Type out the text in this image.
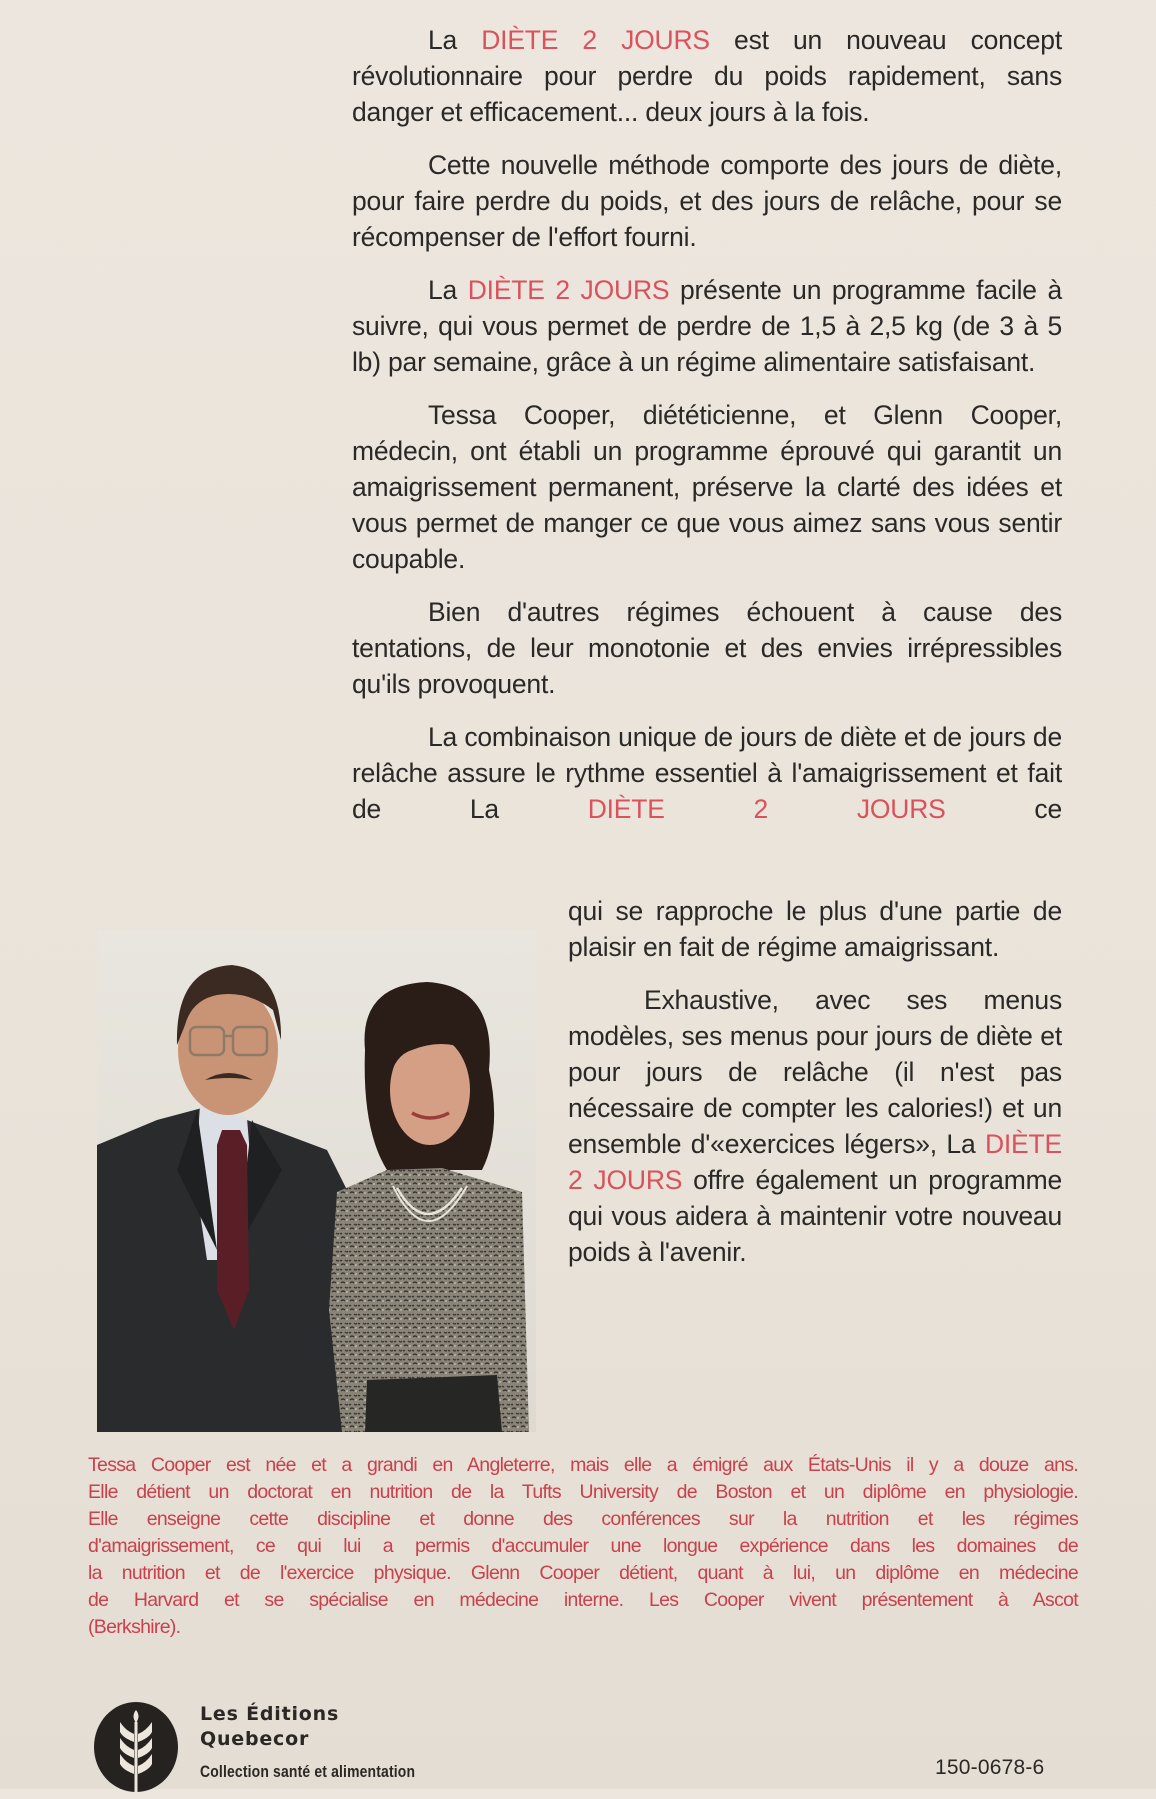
La DIÈTE 2 JOURS est un nouveau concept révolutionnaire pour perdre du poids rapidement, sans danger et efficacement... deux jours à la fois.

Cette nouvelle méthode comporte des jours de diète, pour faire perdre du poids, et des jours de relâche, pour se récompenser de l'effort fourni.

La DIÈTE 2 JOURS présente un programme facile à suivre, qui vous permet de perdre de 1,5 à 2,5 kg (de 3 à 5 lb) par semaine, grâce à un régime alimentaire satisfaisant.

Tessa Cooper, diététicienne, et Glenn Cooper, médecin, ont établi un programme éprouvé qui garantit un amaigrissement permanent, préserve la clarté des idées et vous permet de manger ce que vous aimez sans vous sentir coupable.

Bien d'autres régimes échouent à cause des tentations, de leur monotonie et des envies irrépressibles qu'ils provoquent.

La combinaison unique de jours de diète et de jours de relâche assure le rythme essentiel à l'amaigrissement et fait de La DIÈTE 2 JOURS ce

qui se rapproche le plus d'une partie de plaisir en fait de régime amaigrissant.

Exhaustive, avec ses menus modèles, ses menus pour jours de diète et pour jours de relâche (il n'est pas nécessaire de compter les calories!) et un ensemble d'«exercices légers», La DIÈTE 2 JOURS offre également un programme qui vous aidera à maintenir votre nouveau poids à l'avenir.

Tessa Cooper est née et a grandi en Angleterre, mais elle a émigré aux États-Unis il y a douze ans.
Elle détient un doctorat en nutrition de la Tufts University de Boston et un diplôme en physiologie.
Elle enseigne cette discipline et donne des conférences sur la nutrition et les régimes
d'amaigrissement, ce qui lui a permis d'accumuler une longue expérience dans les domaines de
la nutrition et de l'exercice physique. Glenn Cooper détient, quant à lui, un diplôme en médecine
de Harvard et se spécialise en médecine interne. Les Cooper vivent présentement à Ascot
(Berkshire).
Les Éditions
Quebecor
Collection santé et alimentation	150-0678-6
